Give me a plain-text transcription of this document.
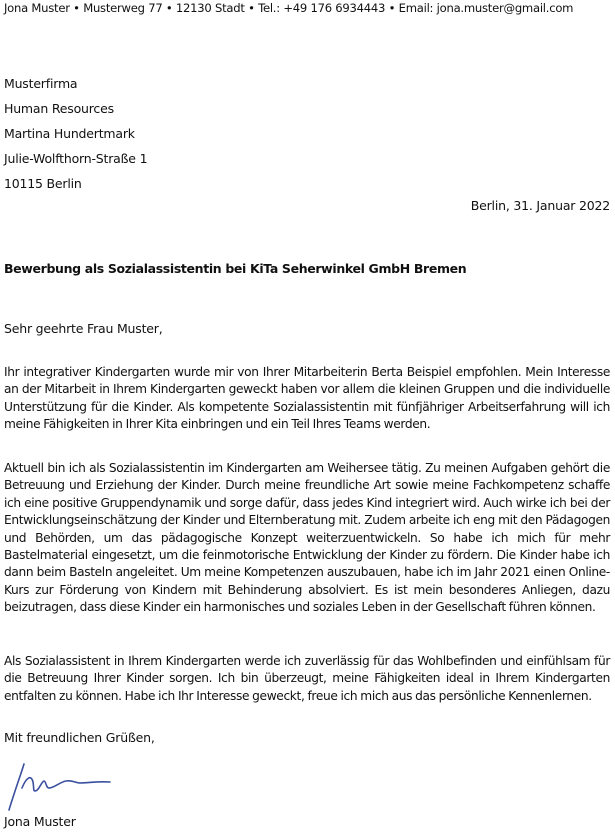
Jona Muster • Musterweg 77 • 12130 Stadt • Tel.: +49 176 6934443 • Email: jona.muster@gmail.com
Musterfirma
Human Resources
Martina Hundertmark
Julie-Wolfthorn-Straße 1
10115 Berlin
Berlin, 31. Januar 2022
Bewerbung als Sozialassistentin bei KiTa Seherwinkel GmbH Bremen
Sehr geehrte Frau Muster,
Ihr integrativer Kindergarten wurde mir von Ihrer Mitarbeiterin Berta Beispiel empfohlen. Mein Interesse an der Mitarbeit in Ihrem Kindergarten geweckt haben vor allem die kleinen Gruppen und die individuelle Unterstützung für die Kinder. Als kompetente Sozialassistentin mit fünfjähriger Arbeitserfahrung will ich meine Fähigkeiten in Ihrer Kita einbringen und ein Teil Ihres Teams werden.
Aktuell bin ich als Sozialassistentin im Kindergarten am Weihersee tätig. Zu meinen Aufgaben gehört die Betreuung und Erziehung der Kinder. Durch meine freundliche Art sowie meine Fachkompetenz schaffe ich eine positive Gruppendynamik und sorge dafür, dass jedes Kind integriert wird. Auch wirke ich bei der Entwicklungseinschätzung der Kinder und Elternberatung mit. Zudem arbeite ich eng mit den Pädagogen und Behörden, um das pädagogische Konzept weiterzuentwickeln. So habe ich mich für mehr Bastelmaterial eingesetzt, um die feinmotorische Entwicklung der Kinder zu fördern. Die Kinder habe ich dann beim Basteln angeleitet. Um meine Kompetenzen auszubauen, habe ich im Jahr 2021 einen Online-Kurs zur Förderung von Kindern mit Behinderung absolviert. Es ist mein besonderes Anliegen, dazu beizutragen, dass diese Kinder ein harmonisches und soziales Leben in der Gesellschaft führen können.
Als Sozialassistent in Ihrem Kindergarten werde ich zuverlässig für das Wohlbefinden und einfühlsam für die Betreuung Ihrer Kinder sorgen. Ich bin überzeugt, meine Fähigkeiten ideal in Ihrem Kindergarten entfalten zu können. Habe ich Ihr Interesse geweckt, freue ich mich aus das persönliche Kennenlernen.
Mit freundlichen Grüßen,
Jona Muster
